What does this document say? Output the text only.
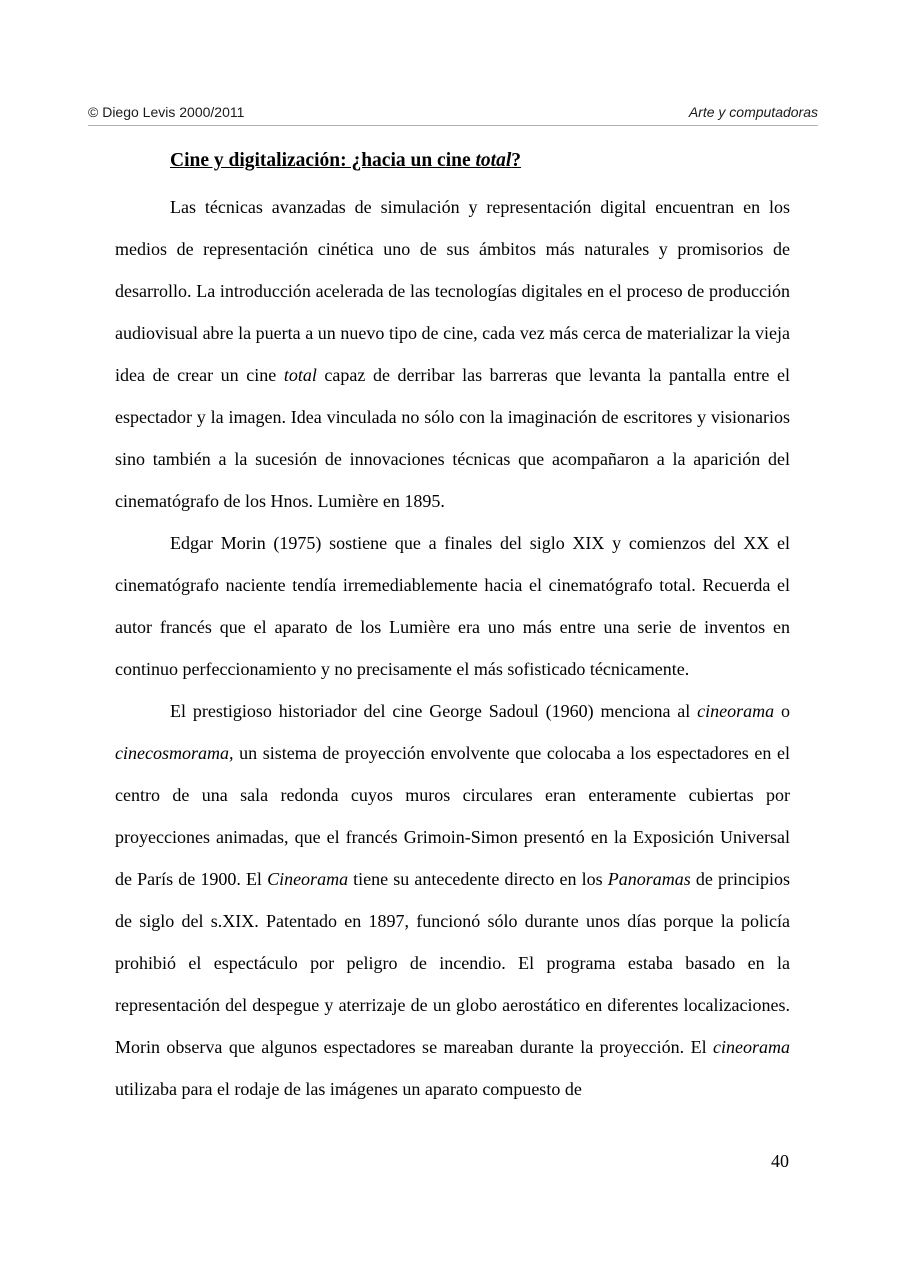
© Diego Levis 2000/2011	Arte y computadoras
Cine y digitalización: ¿hacia un cine total?

Las técnicas avanzadas de simulación y representación digital encuentran en los medios de representación cinética uno de sus ámbitos más naturales y promisorios de desarrollo. La introducción acelerada de las tecnologías digitales en el proceso de producción audiovisual abre la puerta a un nuevo tipo de cine, cada vez más cerca de materializar la vieja idea de crear un cine total capaz de derribar las barreras que levanta la pantalla entre el espectador y la imagen. Idea vinculada no sólo con la imaginación de escritores y visionarios sino también a la sucesión de innovaciones técnicas que acompañaron a la aparición del cinematógrafo de los Hnos. Lumière en 1895.

Edgar Morin (1975) sostiene que a finales del siglo XIX y comienzos del XX el cinematógrafo naciente tendía irremediablemente hacia el cinematógrafo total. Recuerda el autor francés que el aparato de los Lumière era uno más entre una serie de inventos en continuo perfeccionamiento y no precisamente el más sofisticado técnicamente.

El prestigioso historiador del cine George Sadoul (1960) menciona al cineorama o cinecosmorama, un sistema de proyección envolvente que colocaba a los espectadores en el centro de una sala redonda cuyos muros circulares eran enteramente cubiertas por proyecciones animadas, que el francés Grimoin-Simon presentó en la Exposición Universal de París de 1900. El Cineorama tiene su antecedente directo en los Panoramas de principios de siglo del s.XIX. Patentado en 1897, funcionó sólo durante unos días porque la policía prohibió el espectáculo por peligro de incendio. El programa estaba basado en la representación del despegue y aterrizaje de un globo aerostático en diferentes localizaciones. Morin observa que algunos espectadores se mareaban durante la proyección. El cineorama utilizaba para el rodaje de las imágenes un aparato compuesto de

40
